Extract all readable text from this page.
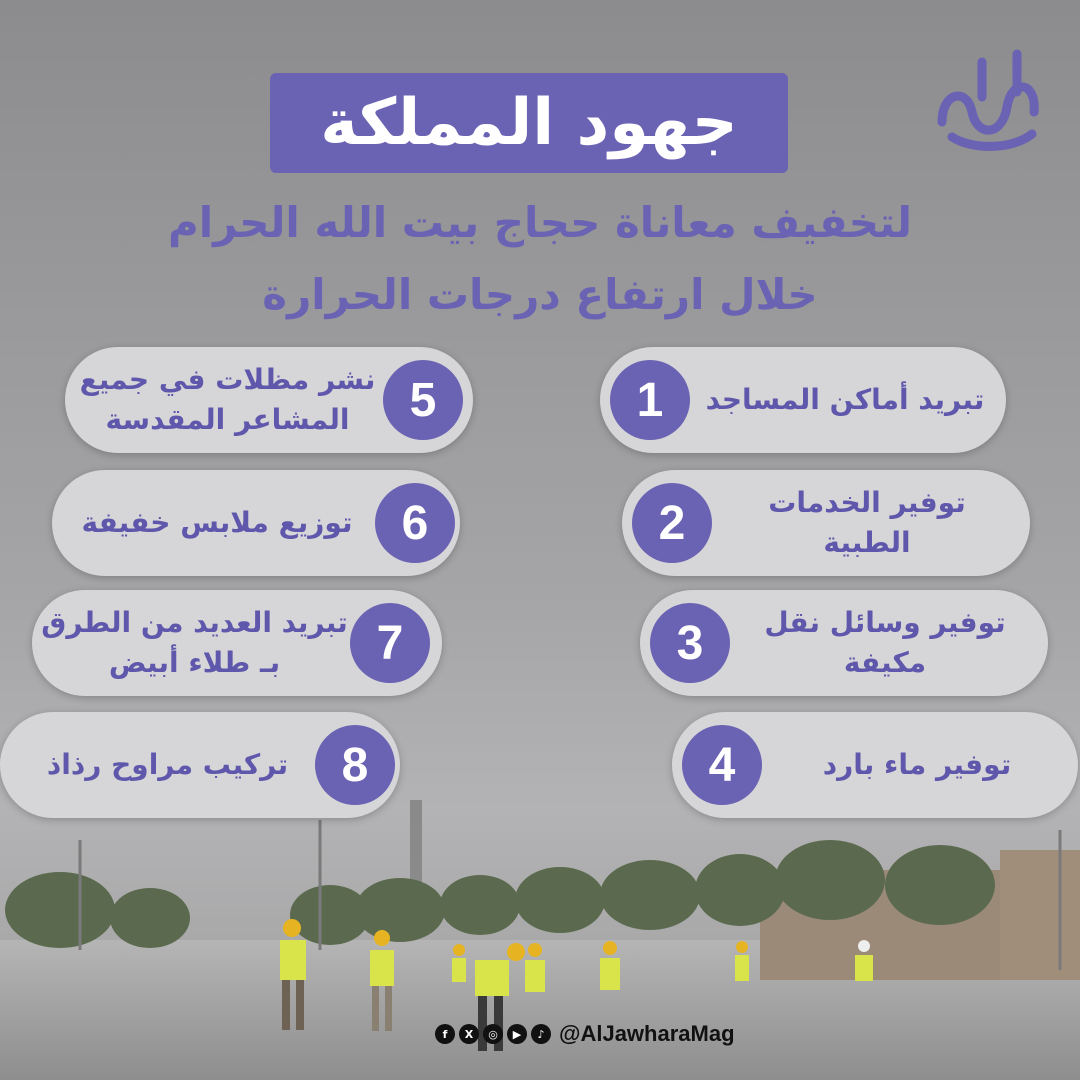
جهود المملكة
لتخفيف معاناة حجاج بيت الله الحرام
خلال ارتفاع درجات الحرارة
1	تبريد أماكن المساجد
2	توفير الخدمات
الطبية
3	توفير وسائل نقل
مكيفة
4	توفير ماء بارد
5
نشر مظلات في جميع
المشاعر المقدسة
6
توزيع ملابس خفيفة
7
تبريد العديد من الطرق
بـ طلاء أبيض
8
تركيب مراوح رذاذ
f	X	◎	▶	♪ @AlJawharaMag
